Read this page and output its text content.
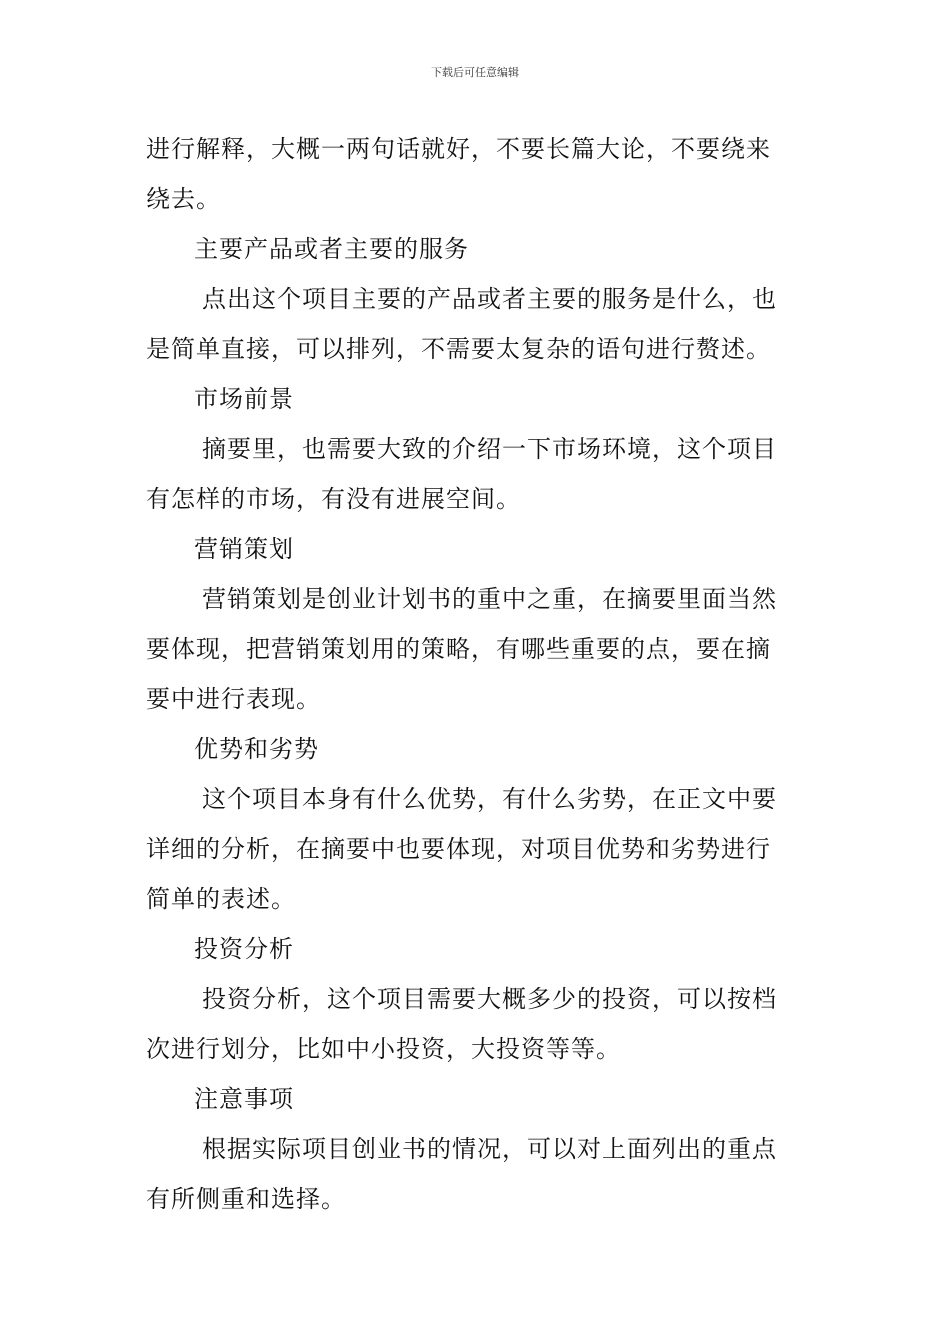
下载后可任意编辑
进行解释，大概一两句话就好，不要长篇大论，不要绕来
绕去。
主要产品或者主要的服务
点出这个项目主要的产品或者主要的服务是什么，也
是简单直接，可以排列，不需要太复杂的语句进行赘述。
市场前景
摘要里，也需要大致的介绍一下市场环境，这个项目
有怎样的市场，有没有进展空间。
营销策划
营销策划是创业计划书的重中之重，在摘要里面当然
要体现，把营销策划用的策略，有哪些重要的点，要在摘
要中进行表现。
优势和劣势
这个项目本身有什么优势，有什么劣势，在正文中要
详细的分析，在摘要中也要体现，对项目优势和劣势进行
简单的表述。
投资分析
投资分析，这个项目需要大概多少的投资，可以按档
次进行划分，比如中小投资，大投资等等。
注意事项
根据实际项目创业书的情况，可以对上面列出的重点
有所侧重和选择。
